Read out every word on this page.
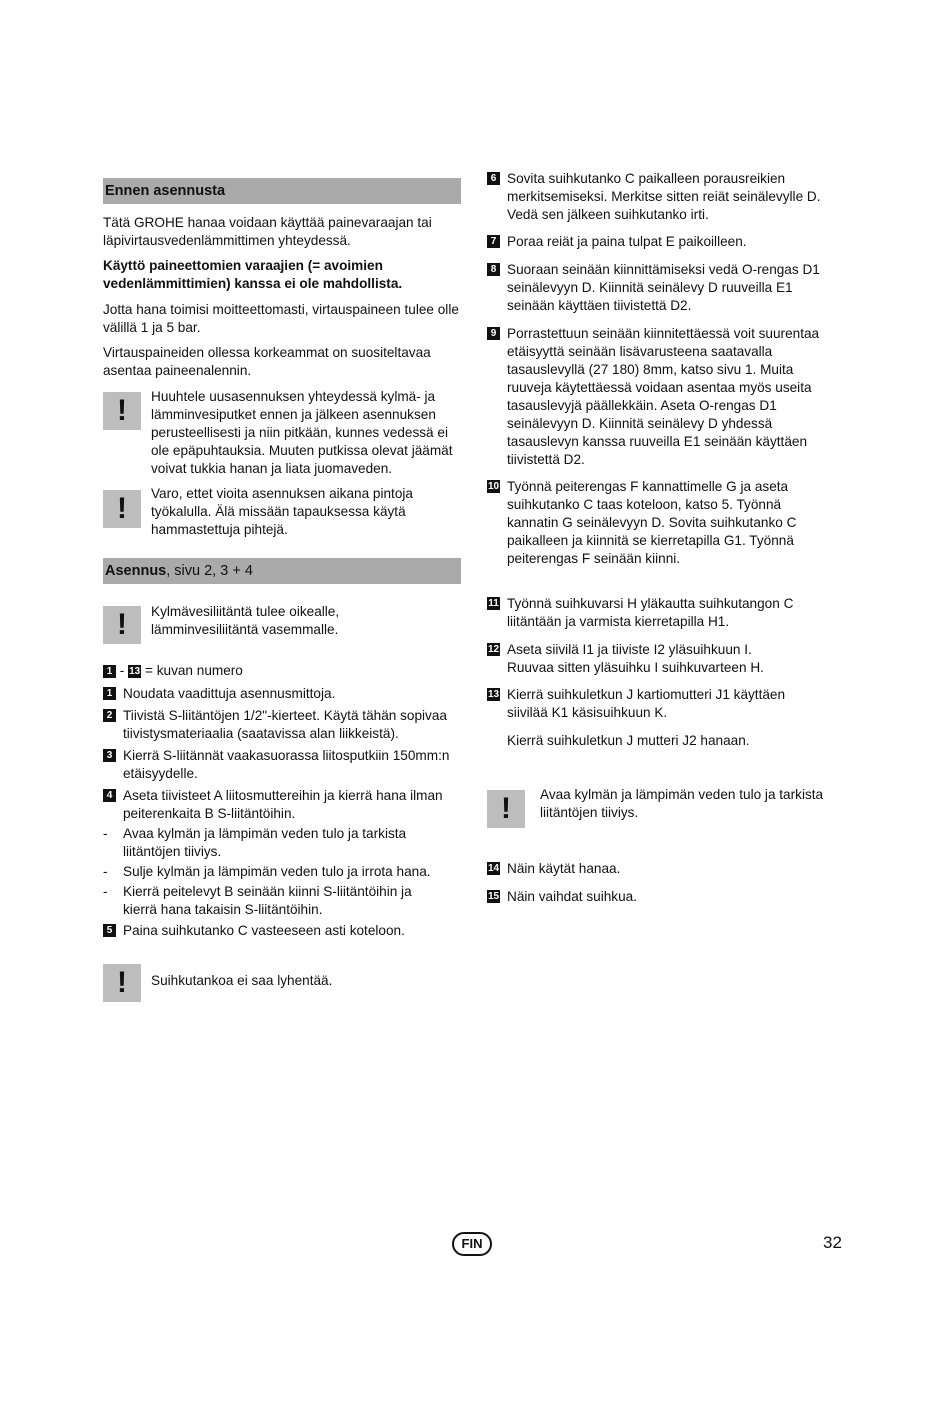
Ennen asennusta

Tätä GROHE hanaa voidaan käyttää painevaraajan tai läpivirtausvedenlämmittimen yhteydessä.

Käyttö paineettomien varaajien (= avoimien vedenlämmittimien) kanssa ei ole mahdollista.

Jotta hana toimisi moitteettomasti, virtauspaineen tulee olle välillä 1 ja 5 bar.

Virtauspaineiden ollessa korkeammat on suositeltavaa asentaa paineenalennin.

!	Huuhtele uusasennuksen yhteydessä kylmä- ja lämminvesiputket ennen ja jälkeen asennuksen perusteellisesti ja niin pitkään, kunnes vedessä ei ole epäpuhtauksia. Muuten putkissa olevat jäämät voivat tukkia hanan ja liata juomaveden.

!	Varo, ettet vioita asennuksen aikana pintoja työkalulla. Älä missään tapauksessa käytä hammastettuja pihtejä.

Asennus, sivu 2, 3 + 4
!	Kylmävesiliitäntä tulee oikealle, lämminvesiliitäntä vasemmalle.

1 - 13 = kuvan numero
1 Noudata vaadittuja asennusmittoja.

2 Tiivistä S-liitäntöjen 1/2"-kierteet. Käytä tähän sopivaa tiivistysmateriaalia (saatavissa alan liikkeistä).

3 Kierrä S-liitännät vaakasuorassa liitosputkiin 150mm:n etäisyydelle.

4 Aseta tiivisteet A liitosmuttereihin ja kierrä hana ilman peiterenkaita B S-liitäntöihin.

- Avaa kylmän ja lämpimän veden tulo ja tarkista liitäntöjen tiiviys.

- Sulje kylmän ja lämpimän veden tulo ja irrota hana.

- Kierrä peitelevyt B seinään kiinni S-liitäntöihin ja kierrä hana takaisin S-liitäntöihin.

5 Paina suihkutanko C vasteeseen asti koteloon.

!	Suihkutankoa ei saa lyhentää.

6 Sovita suihkutanko C paikalleen porausreikien merkitsemiseksi. Merkitse sitten reiät seinälevylle D. Vedä sen jälkeen suihkutanko irti.

7 Poraa reiät ja paina tulpat E paikoilleen.

8 Suoraan seinään kiinnittämiseksi vedä O-rengas D1 seinälevyyn D. Kiinnitä seinälevy D ruuveilla E1 seinään käyttäen tiivistettä D2.

9 Porrastettuun seinään kiinnitettäessä voit suurentaa etäisyyttä seinään lisävarusteena saatavalla tasauslevyllä (27 180) 8mm, katso sivu 1. Muita ruuveja käytettäessä voidaan asentaa myös useita tasauslevyjä päällekkäin. Aseta O-rengas D1 seinälevyyn D. Kiinnitä seinälevy D yhdessä tasauslevyn kanssa ruuveilla E1 seinään käyttäen tiivistettä D2.

10 Työnnä peiterengas F kannattimelle G ja aseta suihkutanko C taas koteloon, katso 5. Työnnä kannatin G seinälevyyn D. Sovita suihkutanko C paikalleen ja kiinnitä se kierretapilla G1. Työnnä peiterengas F seinään kiinni.

11 Työnnä suihkuvarsi H yläkautta suihkutangon C liitäntään ja varmista kierretapilla H1.

12 Aseta siivilä I1 ja tiiviste I2 yläsuihkuun I. Ruuvaa sitten yläsuihku I suihkuvarteen H.

13 Kierrä suihkuletkun J kartiomutteri J1 käyttäen siivilää K1 käsisuihkuun K.

Kierrä suihkuletkun J mutteri J2 hanaan.

!	Avaa kylmän ja lämpimän veden tulo ja tarkista liitäntöjen tiiviys.

14 Näin käytät hanaa.

15 Näin vaihdat suihkua.

FIN	32
